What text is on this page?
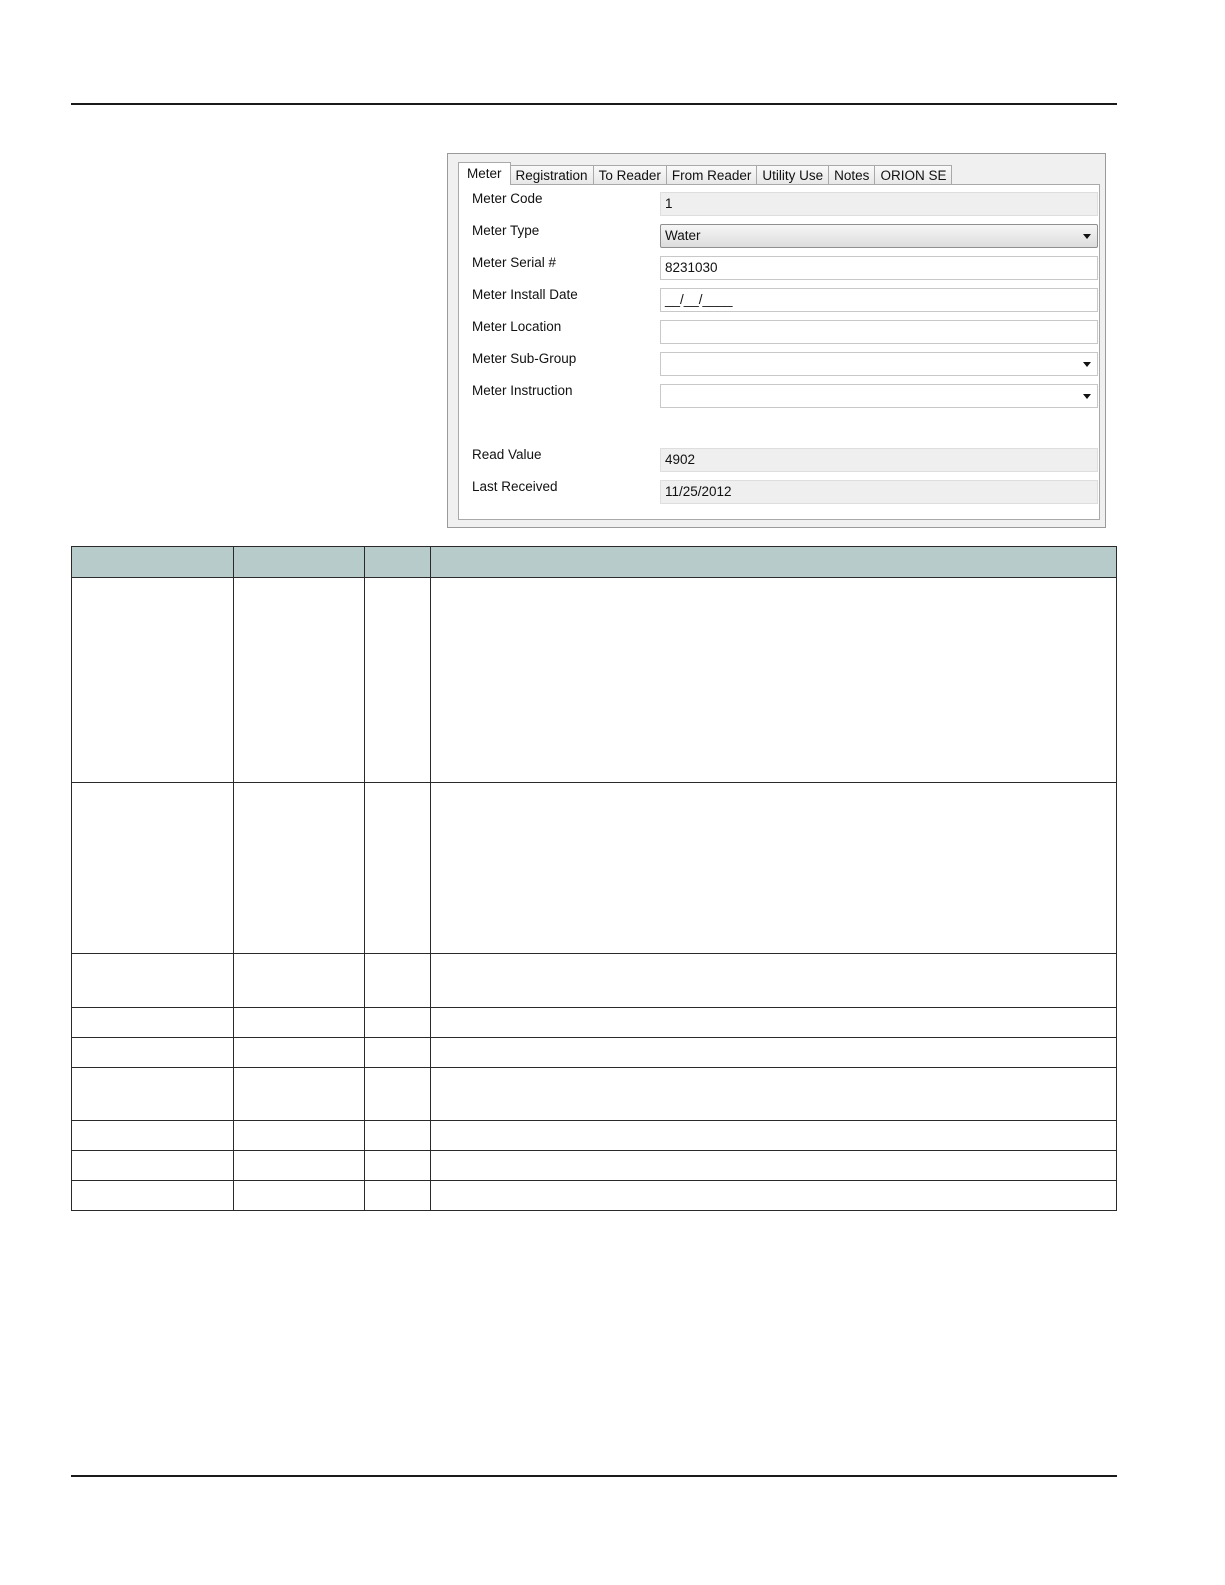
Meter	Registration To Reader From Reader Utility Use Notes ORION SE
Meter Code	1
Meter Type	Water
Meter Serial #	8231030
Meter Install Date	__/__/____
Meter Location
Meter Sub-Group
Meter Instruction
Read Value	4902
Last Received	11/25/2012
